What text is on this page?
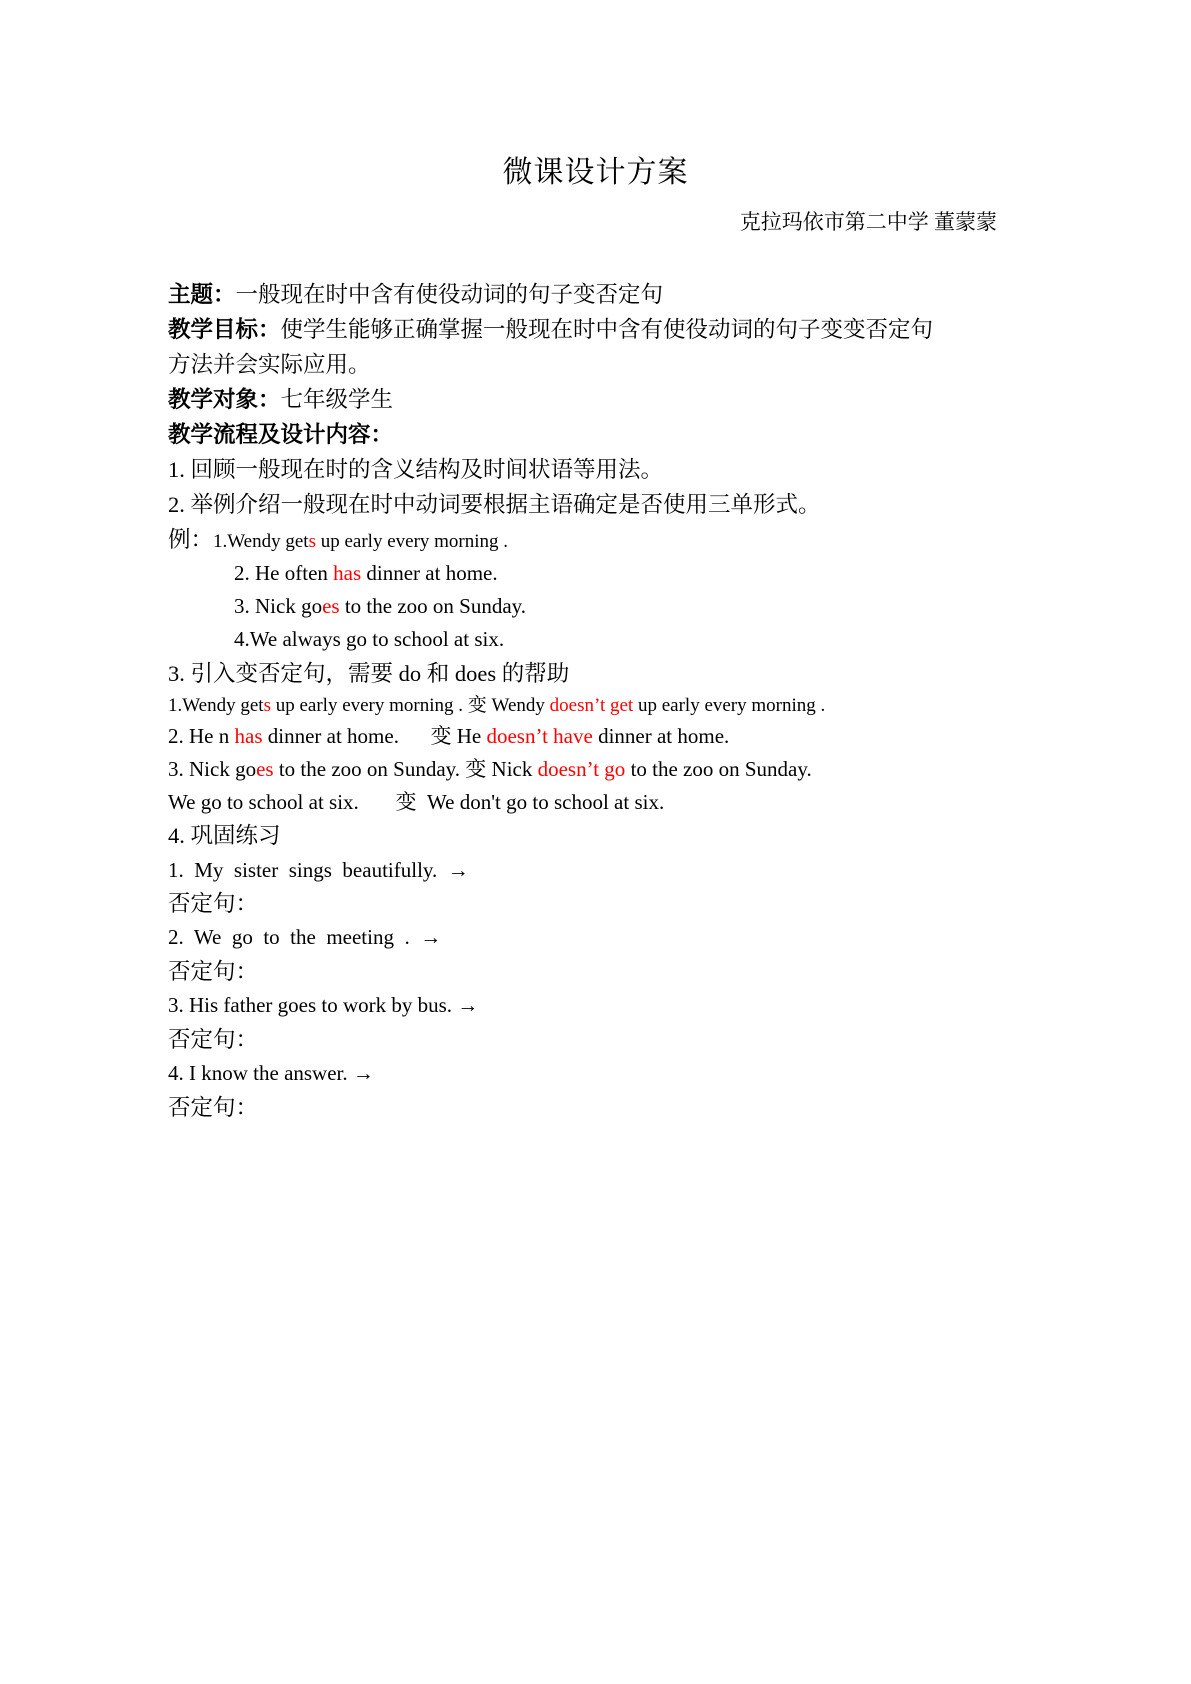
微课设计方案
克拉玛依市第二中学 董蒙蒙

主题：一般现在时中含有使役动词的句子变否定句

教学目标：使学生能够正确掌握一般现在时中含有使役动词的句子变变否定句

方法并会实际应用。

教学对象：七年级学生

教学流程及设计内容：

1. 回顾一般现在时的含义结构及时间状语等用法。

2. 举例介绍一般现在时中动词要根据主语确定是否使用三单形式。

例：1.Wendy gets up early every morning .

2. He often has dinner at home.

3. Nick goes to the zoo on Sunday.

4.We always go to school at six.

3. 引入变否定句，需要 do 和 does 的帮助

1.Wendy gets up early every morning . 变 Wendy doesn’t get up early every morning .

2. He n has dinner at home.　  变 He doesn’t have dinner at home.

3. Nick goes to the zoo on Sunday. 变 Nick doesn’t go to the zoo on Sunday.

We go to school at six.　   变  We don't go to school at six.

4. 巩固练习

1.  My  sister  sings  beautifully.  →

否定句：

2.  We  go  to  the  meeting  .  →

否定句：

3. His father goes to work by bus. →

否定句：

4. I know the answer. →

否定句：
